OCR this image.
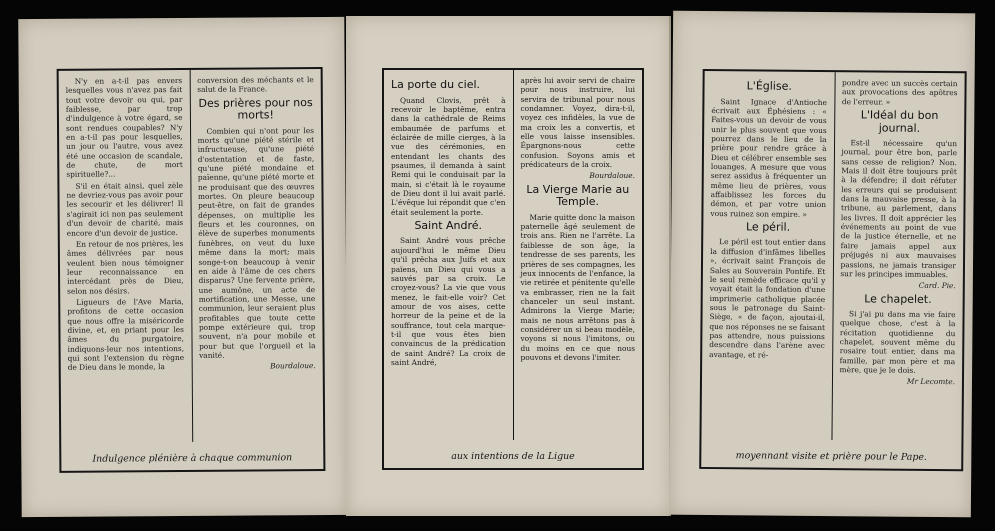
N'y en a-t-il pas envers lesquelles vous n'avez pas fait tout votre devoir ou qui, par faiblesse, par trop d'indulgence à votre égard, se sont rendues coupables? N'y en a-t-il pas pour lesquelles, un jour ou l'autre, vous avez été une occasion de scandale, de chute, de mort spirituelle?...

S'il en était ainsi, quel zèle ne devriez-vous pas avoir pour les secourir et les délivrer! Il s'agirait ici non pas seulement d'un devoir de charité, mais encore d'un devoir de justice.

En retour de nos prières, les âmes délivrées par nous veulent bien nous témoigner leur reconnaissance en intercédant près de Dieu, selon nos désirs.

Ligueurs de l'Ave Maria, profitons de cette occasion que nous offre la miséricorde divine, et, en priant pour les âmes du purgatoire, indiquons-leur nos intentions, qui sont l'extension du règne de Dieu dans le monde, la

conversion des méchants et le salut de la France.

Des prières pour nos morts!

Combien qui n'ont pour les morts qu'une piété stérile et infructueuse, qu'une piété d'ostentation et de faste, qu'une piété mondaine et païenne, qu'une piété morte et ne produisant que des œuvres mortes. On pleure beaucoup peut-être, on fait de grandes dépenses, on multiplie les fleurs et les couronnes, on élève de superbes monuments funèbres, on veut du luxe même dans la mort; mais songe-t-on beaucoup à venir en aide à l'âme de ces chers disparus? Une fervente prière, une aumône, un acte de mortification, une Messe, une communion, leur seraient plus profitables que toute cette pompe extérieure qui, trop souvent, n'a pour mobile et pour but que l'orgueil et la vanité.

Bourdaloue.

Indulgence plénière à chaque communion
La porte du ciel.

Quand Clovis, prêt à recevoir le baptême, entra dans la cathédrale de Reims embaumée de parfums et éclairée de mille cierges, à la vue des cérémonies, en entendant les chants des psaumes, il demanda à saint Remi qui le conduisait par la main, si c'était là le royaume de Dieu dont il lui avait parlé. L'évêque lui répondit que c'en était seulement la porte.

Saint André.

Saint André vous prêche aujourd'hui le même Dieu qu'il prêcha aux Juifs et aux païens, un Dieu qui vous a sauvés par sa croix. Le croyez-vous? La vie que vous menez, le fait-elle voir? Cet amour de vos aises, cette horreur de la peine et de la souffrance, tout cela marque-t-il que vous êtes bien convaincus de la prédication de saint André? La croix de saint André,

après lui avoir servi de chaire pour nous instruire, lui servira de tribunal pour nous condamner. Voyez, dira-t-il, voyez ces infidèles, la vue de ma croix les a convertis, et elle vous laisse insensibles. Épargnons-nous cette confusion. Soyons amis et prédicateurs de la croix.

Bourdaloue.

La Vierge Marie au Temple.

Marie quitte donc la maison paternelle âgé seulement de trois ans. Rien ne l'arrête. La faiblesse de son âge, la tendresse de ses parents, les prières de ses compagnes, les jeux innocents de l'enfance, la vie retirée et pénitente qu'elle va embrasser, rien ne la fait chanceler un seul instant. Admirons la Vierge Marie; mais ne nous arrêtons pas à considérer un si beau modèle, voyons si nous l'imitons, ou du moins en ce que nous pouvons et devons l'imiter.

aux intentions de la Ligue
L'Église.

Saint Ignace d'Antioche écrivait aux Éphésiens : « Faites-vous un devoir de vous unir le plus souvent que vous pourrez dans le lieu de la prière pour rendre grâce à Dieu et célébrer ensemble ses louanges. A mesure que vous serez assidus à fréquenter un même lieu de prières, vous affaiblissez les forces du démon, et par votre union vous ruinez son empire. »

Le péril.

Le péril est tout entier dans la diffusion d'infâmes libelles », écrivait saint François de Sales au Souverain Pontife. Et le seul remède efficace qu'il y voyait était la fondation d'une imprimerie catholique placée sous le patronage du Saint-Siège, « de façon, ajoutai-il, que nos réponses ne se faisant pas attendre, nous puissions descendre dans l'arène avec avantage, et ré-

pondre avec un succès certain aux provocations des apôtres de l'erreur. »

L'Idéal du bon journal.

Est-il nécessaire qu'un journal, pour être bon, parle sans cesse de religion? Non. Mais il doit être toujours prêt à la défendre; il doit réfuter les erreurs qui se produisent dans la mauvaise presse, à la tribune, au parlement, dans les livres. Il doit apprécier les événements au point de vue de la justice éternelle, et ne faire jamais appel aux préjugés ni aux mauvaises passions, ne jamais transiger sur les principes immuables.

Card. Pie.

Le chapelet.

Si j'ai pu dans ma vie faire quelque chose, c'est à la récitation quotidienne du chapelet, souvent même du rosaire tout entier, dans ma famille, par mon père et ma mère, que je le dois.

Mr Lecomte.

moyennant visite et prière pour le Pape.
